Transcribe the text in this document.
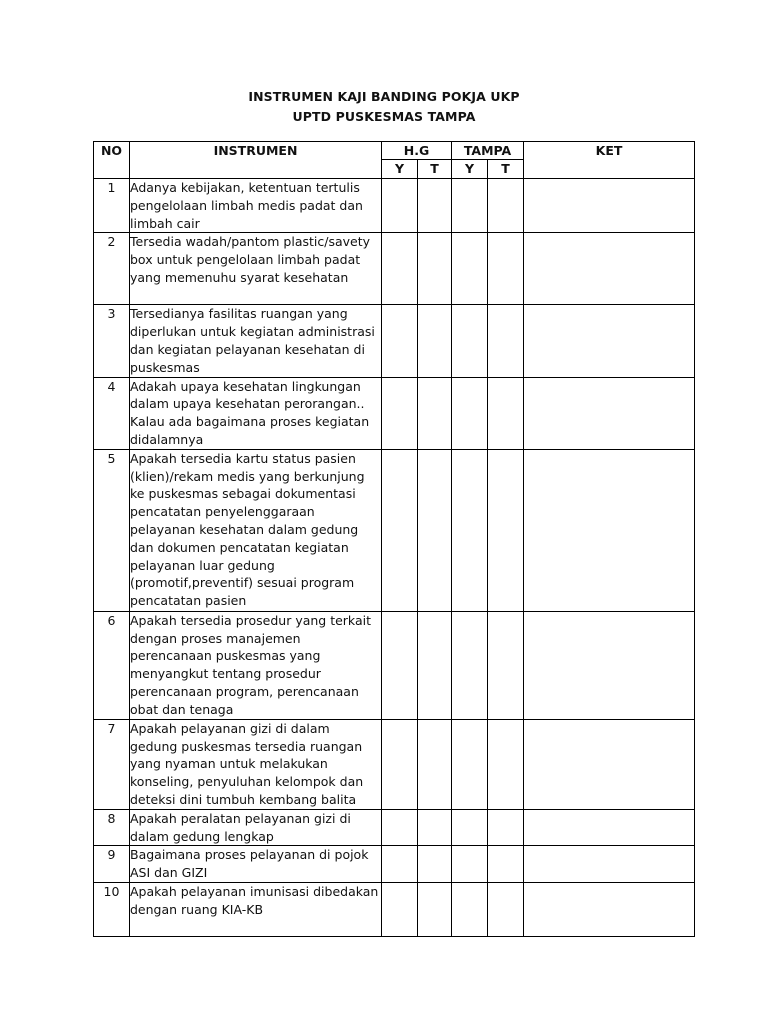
INSTRUMEN KAJI BANDING POKJA UKP
UPTD PUSKESMAS TAMPA
NO	INSTRUMEN	H.G		TAMPA		KET
		Y	T	Y	T	
1	Adanya kebijakan, ketentuan tertulis pengelolaan limbah medis padat dan limbah cair					
2	Tersedia wadah/pantom plastic/savety box untuk pengelolaan limbah padat yang memenuhu syarat kesehatan					
3	Tersedianya fasilitas ruangan yang diperlukan untuk kegiatan administrasi dan kegiatan pelayanan kesehatan di puskesmas					
4	Adakah upaya kesehatan lingkungan dalam upaya kesehatan perorangan.. Kalau ada bagaimana proses kegiatan didalamnya					
5	Apakah tersedia kartu status pasien (klien)/rekam medis yang berkunjung ke puskesmas sebagai dokumentasi pencatatan penyelenggaraan pelayanan kesehatan dalam gedung dan dokumen pencatatan kegiatan pelayanan luar gedung (promotif,preventif) sesuai program pencatatan pasien					
6	Apakah tersedia prosedur yang terkait dengan proses manajemen perencanaan puskesmas yang menyangkut tentang prosedur perencanaan program, perencanaan obat dan tenaga					
7	Apakah pelayanan gizi di dalam gedung puskesmas tersedia ruangan yang nyaman untuk melakukan konseling, penyuluhan kelompok dan deteksi dini tumbuh kembang balita					
8	Apakah peralatan pelayanan gizi di dalam gedung lengkap					
9	Bagaimana proses pelayanan di pojok ASI dan GIZI					
10	Apakah pelayanan imunisasi dibedakan dengan ruang KIA-KB					
